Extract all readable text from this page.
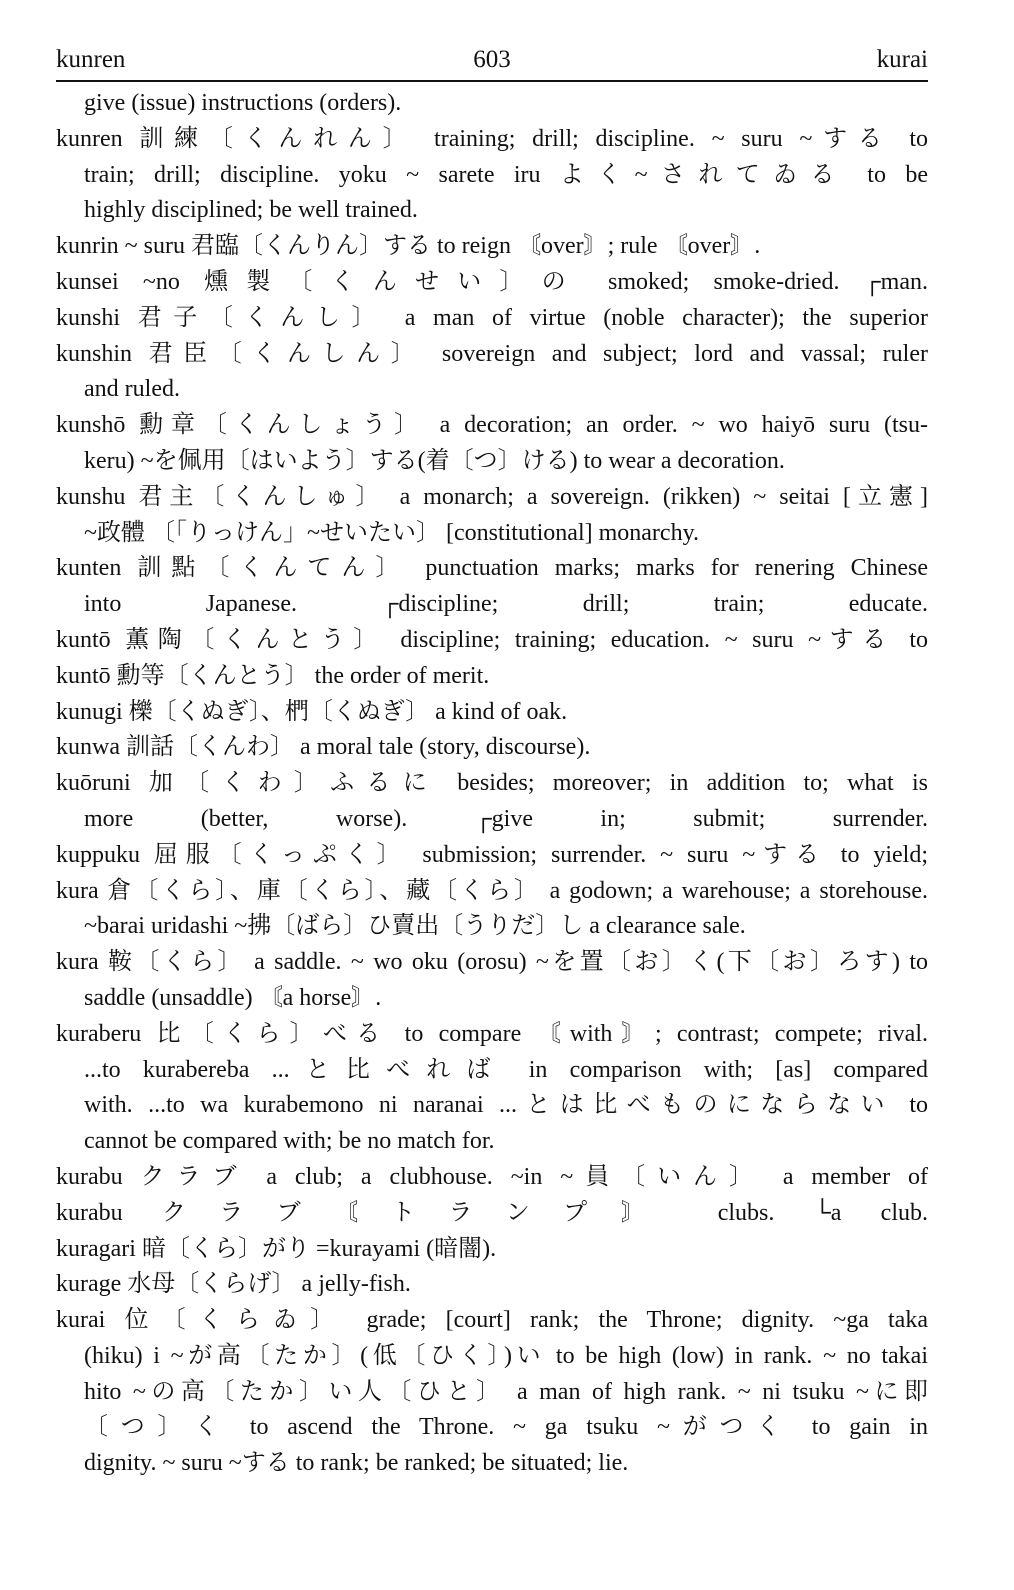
kunren	603	kurai
give (issue) instructions (orders).
kunren 訓練〔くんれん〕 training; drill; discipline. ~ suru ~する to
train; drill; discipline. yoku ~ sarete iru よく~されてゐる to be
highly disciplined; be well trained.
kunrin ~ suru 君臨〔くんりん〕する to reign 〘over〙; rule 〘over〙.
kunsei ~no 燻製〔くんせい〕の smoked; smoke-dried. ┌man.
kunshi 君子〔くんし〕 a man of virtue (noble character); the superior
kunshin 君臣〔くんしん〕 sovereign and subject; lord and vassal; ruler
and ruled.
kunshō 勳章〔くんしょう〕 a decoration; an order. ~ wo haiyō suru (tsu-
keru) ~を佩用〔はいよう〕する(着〔つ〕ける) to wear a decoration.
kunshu 君主〔くんしゅ〕 a monarch; a sovereign. (rikken) ~ seitai [立憲]
~政體 〔「りっけん」~せいたい〕 [constitutional] monarchy.
kunten 訓點〔くんてん〕 punctuation marks; marks for renering Chinese
into Japanese. ┌discipline; drill; train; educate.
kuntō 薫陶〔くんとう〕 discipline; training; education. ~ suru ~する to
kuntō 勳等〔くんとう〕 the order of merit.
kunugi 櫟〔くぬぎ〕、椚〔くぬぎ〕 a kind of oak.
kunwa 訓話〔くんわ〕 a moral tale (story, discourse).
kuōruni 加〔くわ〕ふるに besides; moreover; in addition to; what is
more (better, worse). ┌give in; submit; surrender.
kuppuku 屈服〔くっぷく〕 submission; surrender. ~ suru ~する to yield;
kura 倉〔くら〕、庫〔くら〕、藏〔くら〕 a godown; a warehouse; a storehouse.
~barai uridashi ~拂〔ばら〕ひ賣出〔うりだ〕し a clearance sale.
kura 鞍〔くら〕 a saddle. ~ wo oku (orosu) ~を置〔お〕く(下〔お〕ろす) to
saddle (unsaddle) 〘a horse〙.
kuraberu 比〔くら〕べる to compare 〘with〙; contrast; compete; rival.
...to kurabereba ...と比べれば in comparison with; [as] compared
with. ...to wa kurabemono ni naranai ...とは比べものにならない to
cannot be compared with; be no match for.
kurabu クラブ a club; a clubhouse. ~in ~員〔いん〕 a member of
kurabu クラブ〘トランプ〙 clubs. └a club.
kuragari 暗〔くら〕がり =kurayami (暗闇).
kurage 水母〔くらげ〕 a jelly-fish.
kurai 位〔くらゐ〕 grade; [court] rank; the Throne; dignity. ~ga taka
(hiku) i ~が高〔たか〕(低〔ひく〕)い to be high (low) in rank. ~ no takai
hito ~の高〔たか〕い人〔ひと〕 a man of high rank. ~ ni tsuku ~に即
〔つ〕く to ascend the Throne. ~ ga tsuku ~がつく to gain in
dignity. ~ suru ~する to rank; be ranked; be situated; lie.
